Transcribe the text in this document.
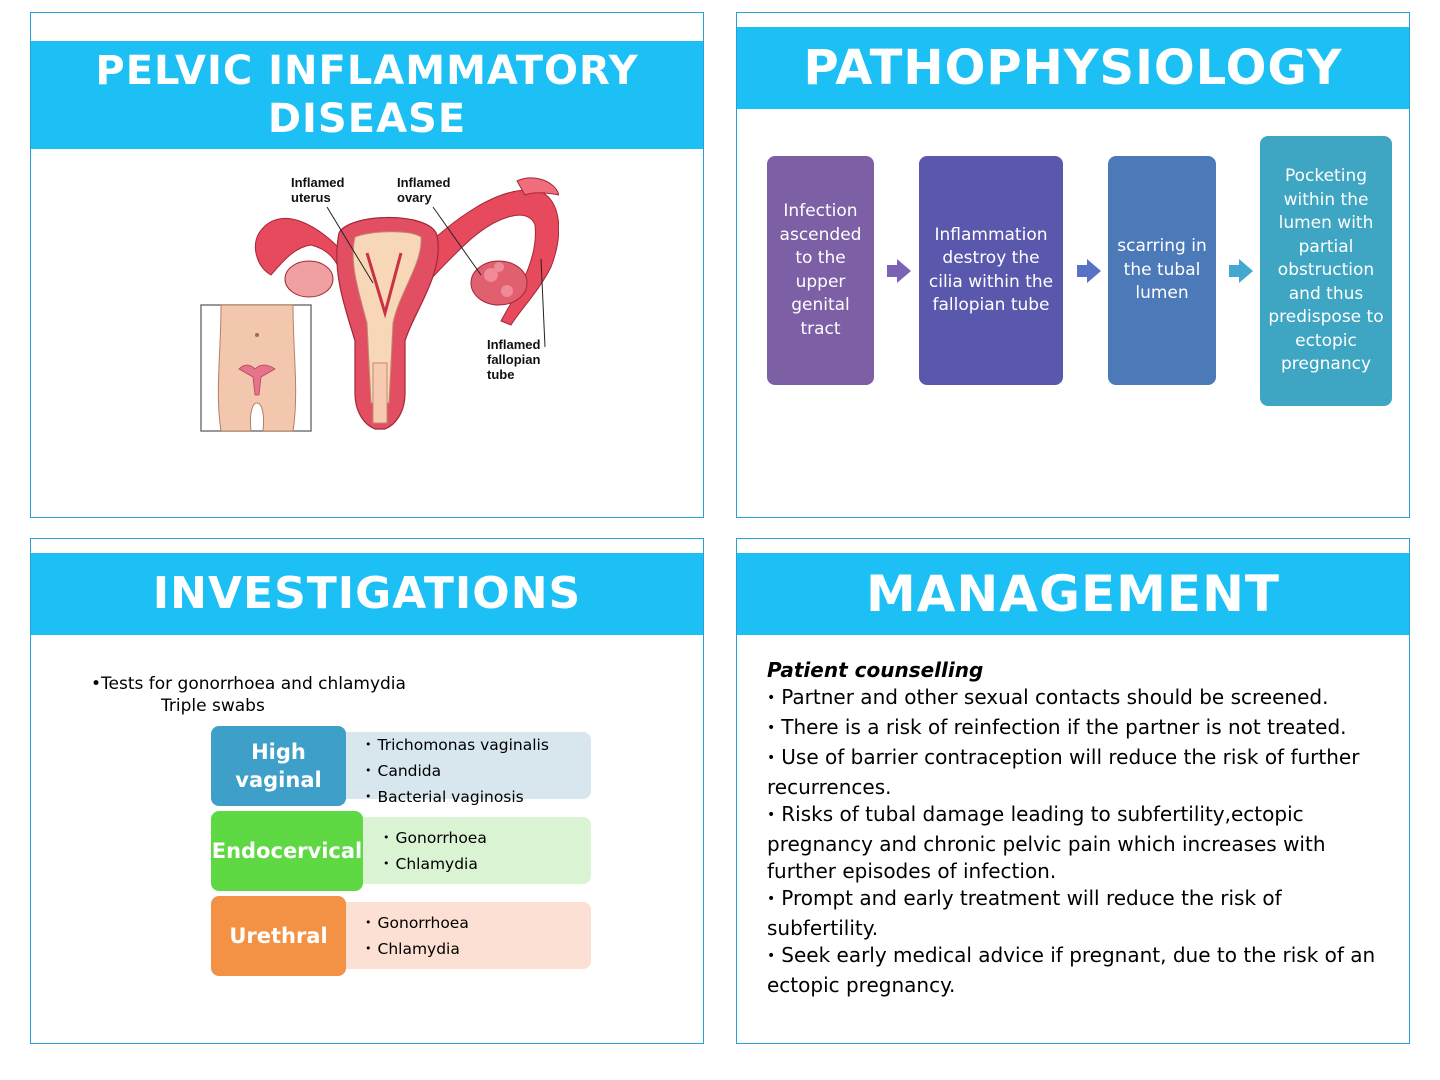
PELVIC INFLAMMATORY
DISEASE
Inflamed
uterus
Inflamed
ovary
Inflamed
fallopian
tube
PATHOPHYSIOLOGY
Infection
ascended
to the
upper
genital
tract
Inflammation
destroy the
cilia within the
fallopian tube
scarring in
the tubal
lumen
Pocketing
within the
lumen with
partial
obstruction
and thus
predispose to
ectopic
pregnancy
INVESTIGATIONS
•Tests for gonorrhoea and chlamydia
Triple swabs
• Trichomonas vaginalis
• Candida
• Bacterial vaginosis
High vaginal
• Gonorrhoea
• Chlamydia
Endocervical
• Gonorrhoea
• Chlamydia
Urethral
MANAGEMENT
Patient counselling
• Partner and other sexual contacts should be screened.
• There is a risk of reinfection if the partner is not treated.
• Use of barrier contraception will reduce the risk of further recurrences.
• Risks of tubal damage leading to subfertility,ectopic pregnancy and chronic pelvic pain which increases with further episodes of infection.
• Prompt and early treatment will reduce the risk of subfertility.
• Seek early medical advice if pregnant, due to the risk of an ectopic pregnancy.
